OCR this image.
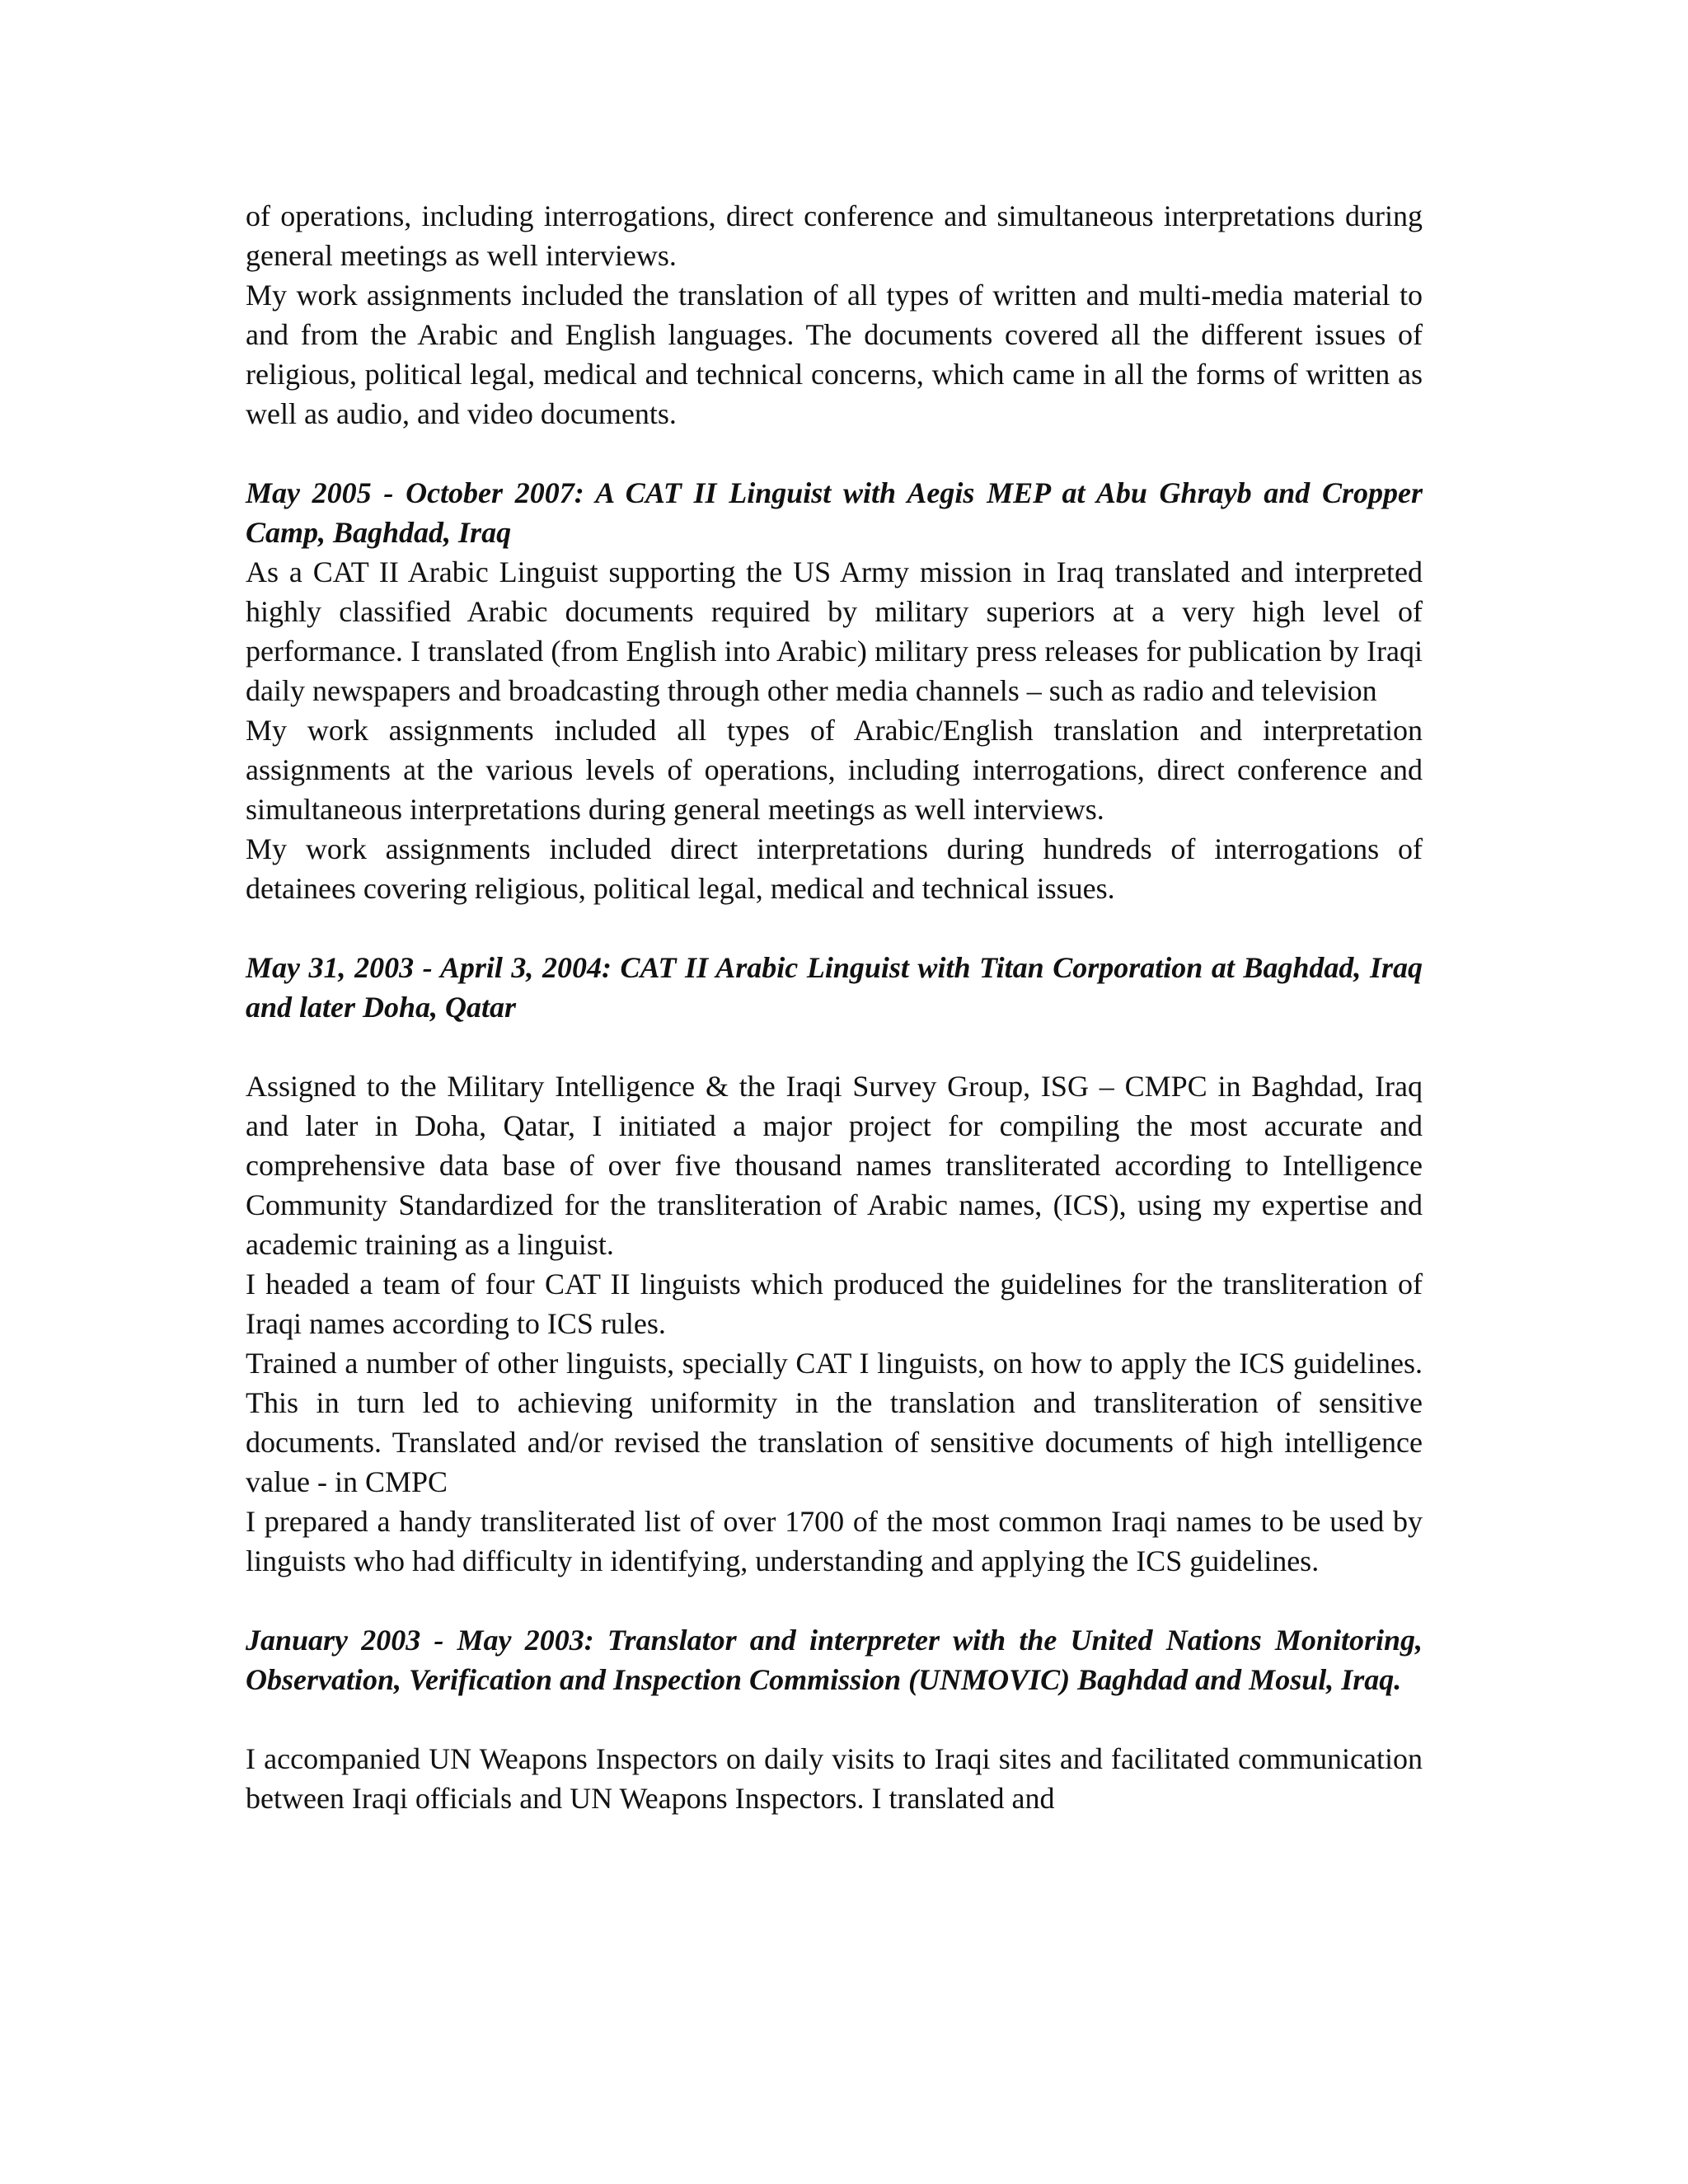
of operations, including interrogations, direct conference and simultaneous interpretations during general meetings as well interviews.

My work assignments included the translation of all types of written and multi-media material to and from the Arabic and English languages. The documents covered all the different issues of religious, political legal, medical and technical concerns, which came in all the forms of written as well as audio, and video documents.

May 2005 - October 2007: A CAT II Linguist with Aegis MEP at Abu Ghrayb and Cropper Camp, Baghdad, Iraq

As a CAT II Arabic Linguist supporting the US Army mission in Iraq translated and interpreted highly classified Arabic documents required by military superiors at a very high level of performance. I translated (from English into Arabic) military press releases for publication by Iraqi daily newspapers and broadcasting through other media channels – such as radio and television

My work assignments included all types of Arabic/English translation and interpretation assignments at the various levels of operations, including interrogations, direct conference and simultaneous interpretations during general meetings as well interviews.

My work assignments included direct interpretations during hundreds of interrogations of detainees covering religious, political legal, medical and technical issues.

May 31, 2003 - April 3, 2004: CAT II Arabic Linguist with Titan Corporation at Baghdad, Iraq and later Doha, Qatar

Assigned to the Military Intelligence & the Iraqi Survey Group, ISG – CMPC in Baghdad, Iraq and later in Doha, Qatar, I initiated a major project for compiling the most accurate and comprehensive data base of over five thousand names transliterated according to Intelligence Community Standardized for the transliteration of Arabic names, (ICS), using my expertise and academic training as a linguist.

I headed a team of four CAT II linguists which produced the guidelines for the transliteration of Iraqi names according to ICS rules.

Trained a number of other linguists, specially CAT I linguists, on how to apply the ICS guidelines. This in turn led to achieving uniformity in the translation and transliteration of sensitive documents. Translated and/or revised the translation of sensitive documents of high intelligence value - in CMPC

I prepared a handy transliterated list of over 1700 of the most common Iraqi names to be used by linguists who had difficulty in identifying, understanding and applying the ICS guidelines.

January 2003 - May 2003: Translator and interpreter with the United Nations Monitoring, Observation, Verification and Inspection Commission (UNMOVIC) Baghdad and Mosul, Iraq.

I accompanied UN Weapons Inspectors on daily visits to Iraqi sites and facilitated communication between Iraqi officials and UN Weapons Inspectors. I translated and
